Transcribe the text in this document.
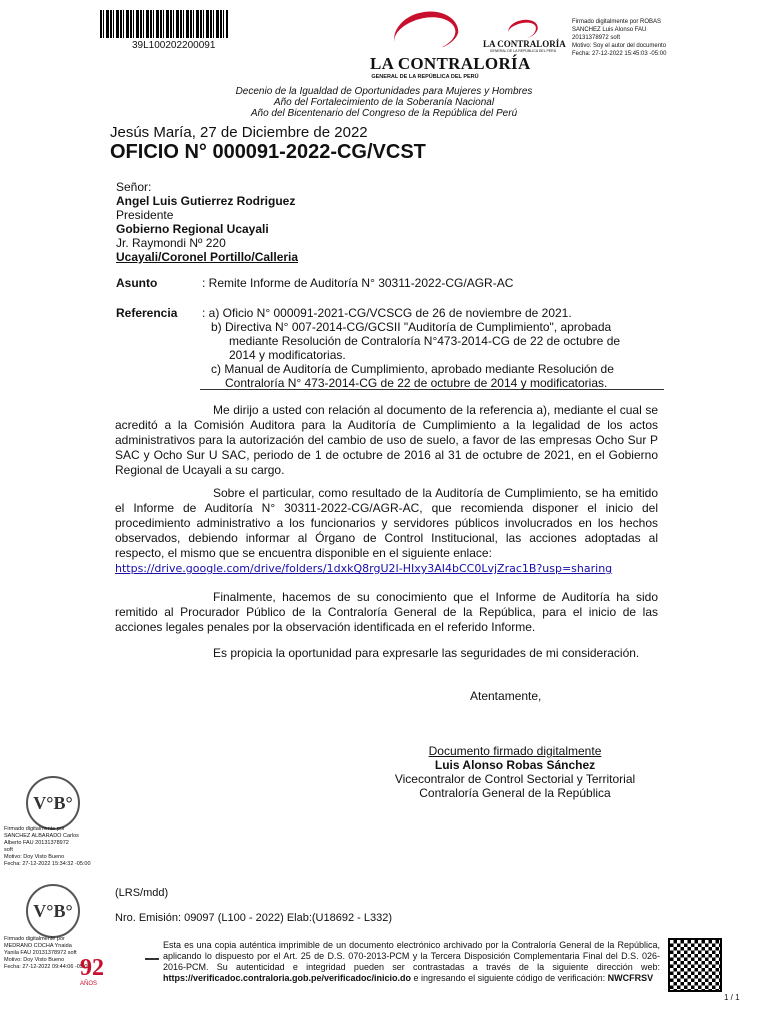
39L100202200091
LA CONTRALORÍA
GENERAL DE LA REPÚBLICA DEL PERÚ
LA CONTRALORÍA
GENERAL DE LA REPÚBLICA DEL PERÚ
Firmado digitalmente por ROBAS
SANCHEZ Luis Alonso FAU
20131378972 soft
Motivo: Soy el autor del documento
Fecha: 27-12-2022 15:45:03 -05:00
Decenio de la Igualdad de Oportunidades para Mujeres y Hombres
Año del Fortalecimiento de la Soberanía Nacional
Año del Bicentenario del Congreso de la República del Perú
Jesús María, 27 de Diciembre de 2022
OFICIO N° 000091-2022-CG/VCST
Señor:
Angel Luis Gutierrez Rodriguez
Presidente
Gobierno Regional Ucayali
Jr. Raymondi Nº 220
Ucayali/Coronel Portillo/Calleria
Asunto	: Remite Informe de Auditoría N° 30311-2022-CG/AGR-AC
Referencia : a) Oficio N° 000091-2021-CG/VCSCG de 26 de noviembre de 2021.
b) Directiva N° 007-2014-CG/GCSII "Auditoría de Cumplimiento", aprobada
mediante Resolución de Contraloría N°473-2014-CG de 22 de octubre de
2014 y modificatorias.
c) Manual de Auditoría de Cumplimiento, aprobado mediante Resolución de
Contraloría N° 473-2014-CG de 22 de octubre de 2014 y modificatorias.
Me dirijo a usted con relación al documento de la referencia a), mediante el cual se acreditó a la Comisión Auditora para la Auditoría de Cumplimiento a la legalidad de los actos administrativos para la autorización del cambio de uso de suelo, a favor de las empresas Ocho Sur P SAC y Ocho Sur U SAC, periodo de 1 de octubre de 2016 al 31 de octubre de 2021, en el Gobierno Regional de Ucayali a su cargo.
Sobre el particular, como resultado de la Auditoría de Cumplimiento, se ha emitido el Informe de Auditoría N° 30311-2022-CG/AGR-AC, que recomienda disponer el inicio del procedimiento administrativo a los funcionarios y servidores públicos involucrados en los hechos observados, debiendo informar al Órgano de Control Institucional, las acciones adoptadas al respecto, el mismo que se encuentra disponible en el siguiente enlace:
https://drive.google.com/drive/folders/1dxkQ8rgU2I-HIxy3AI4bCC0LvjZrac1B?usp=sharing
Finalmente, hacemos de su conocimiento que el Informe de Auditoría ha sido remitido al Procurador Público de la Contraloría General de la República, para el inicio de las acciones legales penales por la observación identificada en el referido Informe.
Es propicia la oportunidad para expresarle las seguridades de mi consideración.
Atentamente,
Documento firmado digitalmente
Luis Alonso Robas Sánchez
Vicecontralor de Control Sectorial y Territorial
Contraloría General de la República
V°B°
Firmado digitalmente por
SANCHEZ ALBARADO Carlos
Alberto FAU 20131378972
soft
Motivo: Doy Visto Bueno
Fecha: 27-12-2022 15:34:32 -05:00
V°B°
Firmado digitalmente por
MEDRANO COCHA Ynaida
Yanila FAU 20131378972 soft
Motivo: Doy Visto Bueno
Fecha: 27-12-2022 09:44:06 -05:00
(LRS/mdd)
Nro. Emisión: 09097 (L100 - 2022) Elab:(U18692 - L332)
92
AÑOS
Esta es una copia auténtica imprimible de un documento electrónico archivado por la Contraloría General de la República, aplicando lo dispuesto por el Art. 25 de D.S. 070-2013-PCM y la Tercera Disposición Complementaria Final del D.S. 026- 2016-PCM. Su autenticidad e integridad pueden ser contrastadas a través de la siguiente dirección web: https://verificadoc.contraloria.gob.pe/verificadoc/inicio.do e ingresando el siguiente código de verificación: NWCFRSV
1 / 1
